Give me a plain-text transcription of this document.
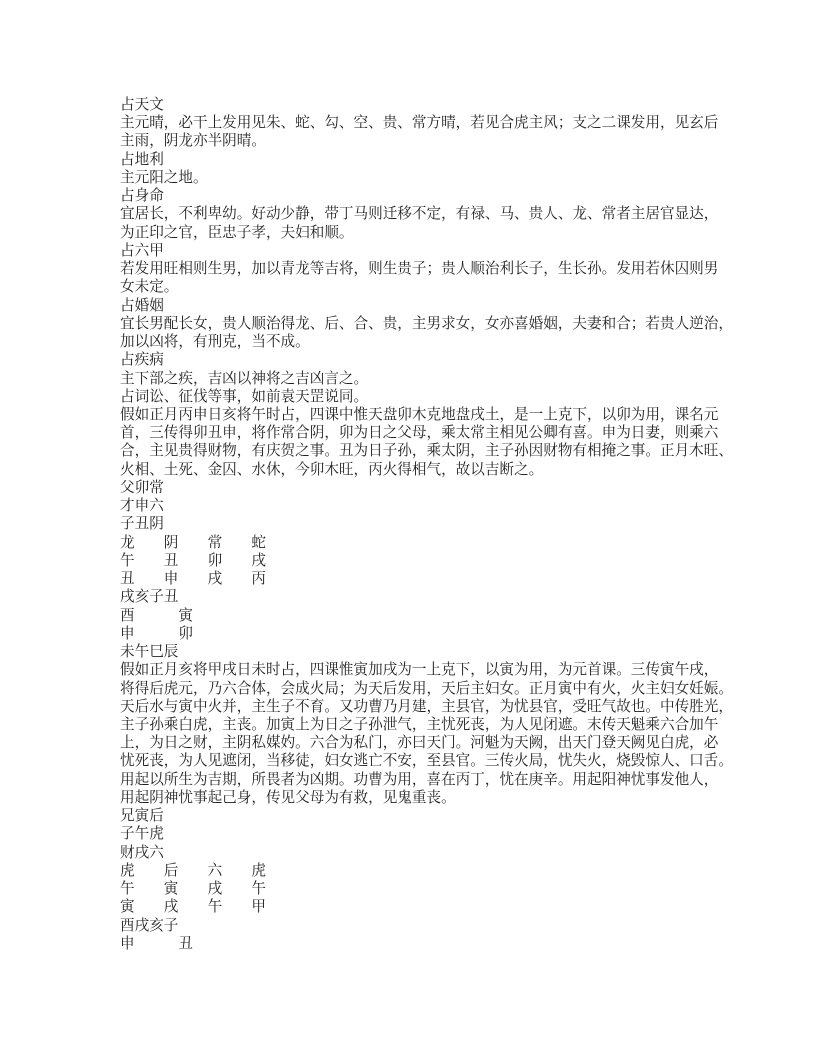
占天文
主元晴，必干上发用见朱、蛇、勾、空、贵、常方晴，若见合虎主风；支之二课发用，见玄后
主雨，阴龙亦半阴晴。
占地利
主元阳之地。
占身命
宜居长，不利卑幼。好动少静，带丁马则迁移不定，有禄、马、贵人、龙、常者主居官显达，
为正印之官，臣忠子孝，夫妇和顺。
占六甲
若发用旺相则生男，加以青龙等吉将，则生贵子；贵人顺治利长子，生长孙。发用若休囚则男
女未定。
占婚姻
宜长男配长女，贵人顺治得龙、后、合、贵，主男求女，女亦喜婚姻，夫妻和合；若贵人逆治，
加以凶将，有刑克，当不成。
占疾病
主下部之疾，吉凶以神将之吉凶言之。
占词讼、征伐等事，如前袁天罡说同。
假如正月丙申日亥将午时占，四课中惟天盘卯木克地盘戌土，是一上克下，以卯为用，课名元
首，三传得卯丑申，将作常合阴，卯为日之父母，乘太常主相见公卿有喜。申为日妻，则乘六
合，主见贵得财物，有庆贺之事。丑为日子孙，乘太阴，主子孙因财物有相掩之事。正月木旺、
火相、土死、金囚、水休，今卯木旺，丙火得相气，故以吉断之。
父卯常
才申六
子丑阴
龙　　阴　　常　　蛇
午　　丑　　卯　　戌
丑　　申　　戌　　丙
戌亥子丑
酉　　　寅
申　　　卯
未午巳辰
假如正月亥将甲戌日未时占，四课惟寅加戌为一上克下，以寅为用，为元首课。三传寅午戌，
将得后虎元，乃六合体，会成火局；为天后发用，天后主妇女。正月寅中有火，火主妇女妊娠。
天后水与寅中火并，主生子不育。又功曹乃月建，主县官，为忧县官，受旺气故也。中传胜光，
主子孙乘白虎，主丧。加寅上为日之子孙泄气，主忧死丧，为人见闭遮。末传天魁乘六合加午
上，为日之财，主阴私媒妁。六合为私门，亦曰天门。河魁为天阙，出天门登天阙见白虎，必
忧死丧，为人见遮闭，当移徒，妇女逃亡不安，至县官。三传火局，忧失火，烧毁惊人、口舌。
用起以所生为吉期，所畏者为凶期。功曹为用，喜在丙丁，忧在庚辛。用起阳神忧事发他人，
用起阴神忧事起己身，传见父母为有救，见鬼重丧。
兄寅后
子午虎
财戌六
虎　　后　　六　　虎
午　　寅　　戌　　午
寅　　戌　　午　　甲
酉戌亥子
申　　　丑
